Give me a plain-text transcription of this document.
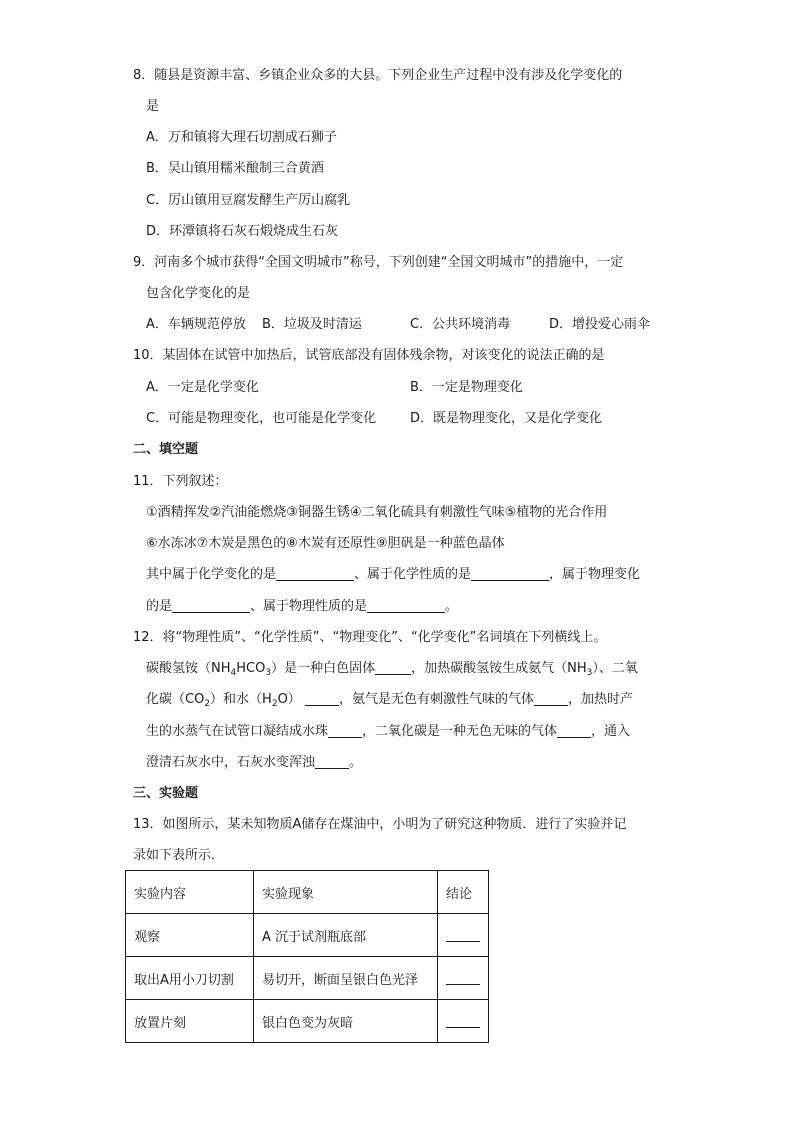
8．随县是资源丰富、乡镇企业众多的大县。下列企业生产过程中没有涉及化学变化的
是
A．万和镇将大理石切割成石狮子
B．吴山镇用糯米酿制三合黄酒
C．厉山镇用豆腐发酵生产厉山腐乳
D．环潭镇将石灰石煅烧成生石灰
9．河南多个城市获得“全国文明城市”称号，下列创建“全国文明城市”的措施中，一定
包含化学变化的是
A．车辆规范停放 B．垃圾及时清运	C．公共环境消毒	D．增投爱心雨伞
10．某固体在试管中加热后，试管底部没有固体残余物，对该变化的说法正确的是
A．一定是化学变化	B．一定是物理变化
C．可能是物理变化，也可能是化学变化	D．既是物理变化，又是化学变化
二、填空题
11．下列叙述：
①酒精挥发②汽油能燃烧③铜器生锈④二氧化硫具有刺激性气味⑤植物的光合作用
⑥水冻冰⑦木炭是黑色的⑧木炭有还原性⑨胆矾是一种蓝色晶体
其中属于化学变化的是	、属于化学性质的是	，属于物理变化
的是	、属于物理性质的是	。
12．将“物理性质”、“化学性质”、“物理变化”、“化学变化”名词填在下列横线上。
碳酸氢铵$(NH_4HCO_3)$是一种白色固体	，加热碳酸氢铵生成氨气$(NH_3)$、二氧
化碳$(CO_2)$和水$(H_2O)$	，氨气是无色有刺激性气味的气体	，加热时产
生的水蒸气在试管口凝结成水珠	，二氧化碳是一种无色无味的气体	，通入
澄清石灰水中，石灰水变浑浊	。
三、实验题
13．如图所示，某未知物质A储存在煤油中，小明为了研究这种物质．进行了实验并记
录如下表所示．
实验内容	实验现象	结论
观察	A 沉于试剂瓶底部	
取出A用小刀切割	易切开，断面呈银白色光泽	
放置片刻	银白色变为灰暗	
